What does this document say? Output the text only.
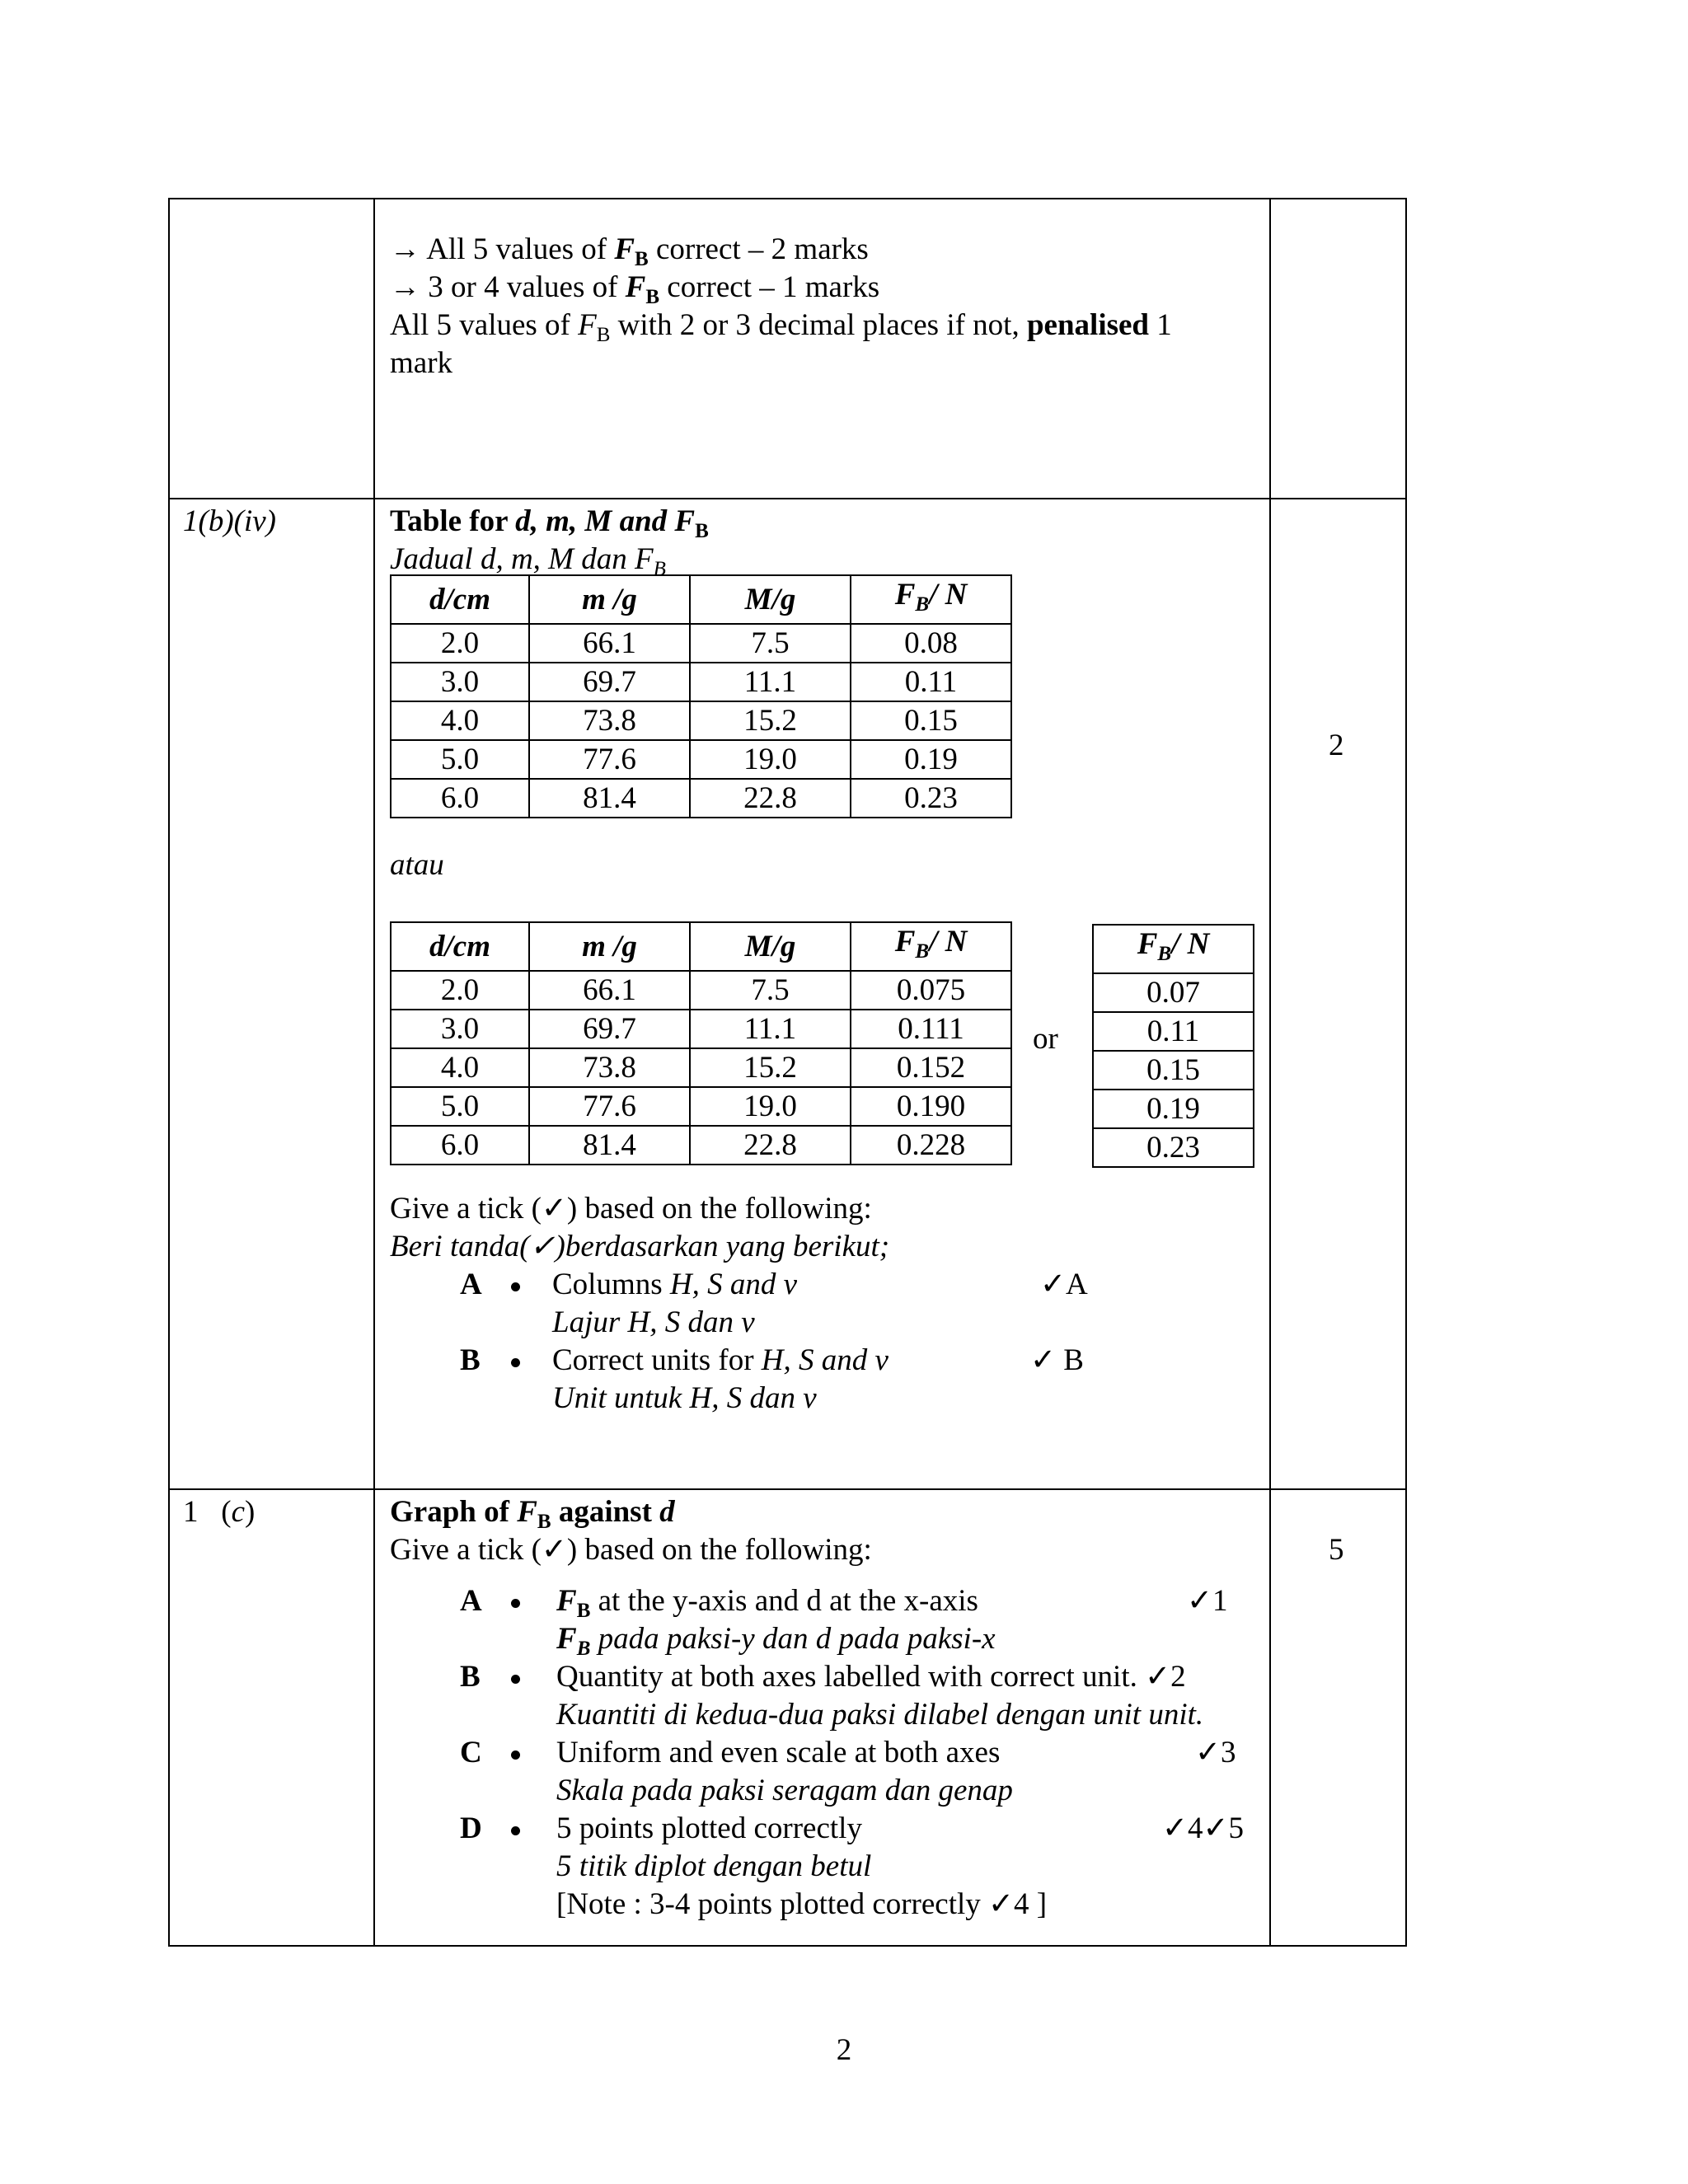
→ All 5 values of $F_B$ correct – 2 marks
→ 3 or 4 values of $F_B$ correct – 1 marks
All 5 values of $F_B$ with 2 or 3 decimal places if not, penalised 1
mark
1(b)(iv)	Table for d, m, M and $F_B$
Jadual d, m, M dan $F_B$
2
d/cm	m /g	M/g	$F_B/$ N
2.0	66.1	7.5	0.08
3.0	69.7	11.1	0.11
4.0	73.8	15.2	0.15
5.0	77.6	19.0	0.19
6.0	81.4	22.8	0.23
atau
d/cm	m /g	M/g	$F_B/$ N
2.0	66.1	7.5	0.075
3.0	69.7	11.1	0.111
4.0	73.8	15.2	0.152
5.0	77.6	19.0	0.190
6.0	81.4	22.8	0.228
or
$F_B/$ N
0.07
0.11
0.15
0.19
0.23
Give a tick (✓) based on the following:
Beri tanda(✓)berdasarkan yang berikut;
A Columns H, S and v
Lajur H, S dan v
✓A
B Correct units for H, S and v
Unit untuk H, S dan v
✓ B
1 (c)	Graph of $F_B$ against d
Give a tick (✓) based on the following:	5
A $F_B$ at the y-axis and d at the x-axis
$F_B$ pada paksi-y dan d pada paksi-x
✓1
B Quantity at both axes labelled with correct unit. ✓2
Kuantiti di kedua-dua paksi dilabel dengan unit unit.
C Uniform and even scale at both axes
Skala pada paksi seragam dan genap
✓3
D 5 points plotted correctly
5 titik diplot dengan betul
✓4✓5
[Note : 3-4 points plotted correctly ✓4 ]
2
